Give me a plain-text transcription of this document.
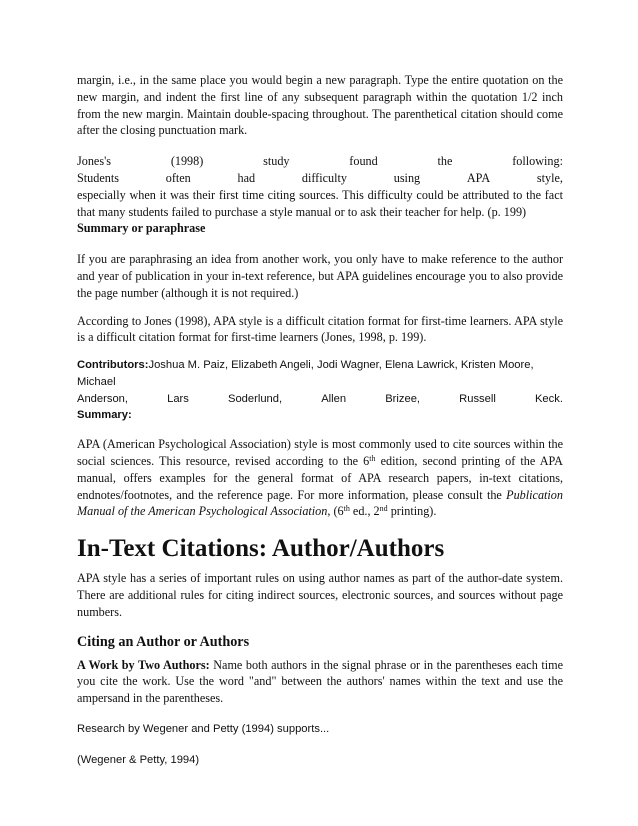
margin, i.e., in the same place you would begin a new paragraph. Type the entire quotation on the new margin, and indent the first line of any subsequent paragraph within the quotation 1/2 inch from the new margin. Maintain double-spacing throughout. The parenthetical citation should come after the closing punctuation mark.

Jones's	(1998)	study	found	the	following:
Students	often	had	difficulty	using	APA	style,

especially when it was their first time citing sources. This difficulty could be attributed to the fact that many students failed to purchase a style manual or to ask their teacher for help. (p. 199)

Summary or paraphrase

If you are paraphrasing an idea from another work, you only have to make reference to the author and year of publication in your in-text reference, but APA guidelines encourage you to also provide the page number (although it is not required.)

According to Jones (1998), APA style is a difficult citation format for first-time learners. APA style is a difficult citation format for first-time learners (Jones, 1998, p. 199).

Contributors:Joshua M. Paiz, Elizabeth Angeli, Jodi Wagner, Elena Lawrick, Kristen Moore, Michael
Anderson,	Lars	Soderlund,	Allen	Brizee,	Russell	Keck.
Summary:

APA (American Psychological Association) style is most commonly used to cite sources within the social sciences. This resource, revised according to the 6th edition, second printing of the APA manual, offers examples for the general format of APA research papers, in-text citations, endnotes/footnotes, and the reference page. For more information, please consult the Publication Manual of the American Psychological Association, (6th ed., 2nd printing).

In-Text Citations: Author/Authors

APA style has a series of important rules on using author names as part of the author-date system. There are additional rules for citing indirect sources, electronic sources, and sources without page numbers.

Citing an Author or Authors

A Work by Two Authors: Name both authors in the signal phrase or in the parentheses each time you cite the work. Use the word "and" between the authors' names within the text and use the ampersand in the parentheses.

Research by Wegener and Petty (1994) supports...

(Wegener & Petty, 1994)
